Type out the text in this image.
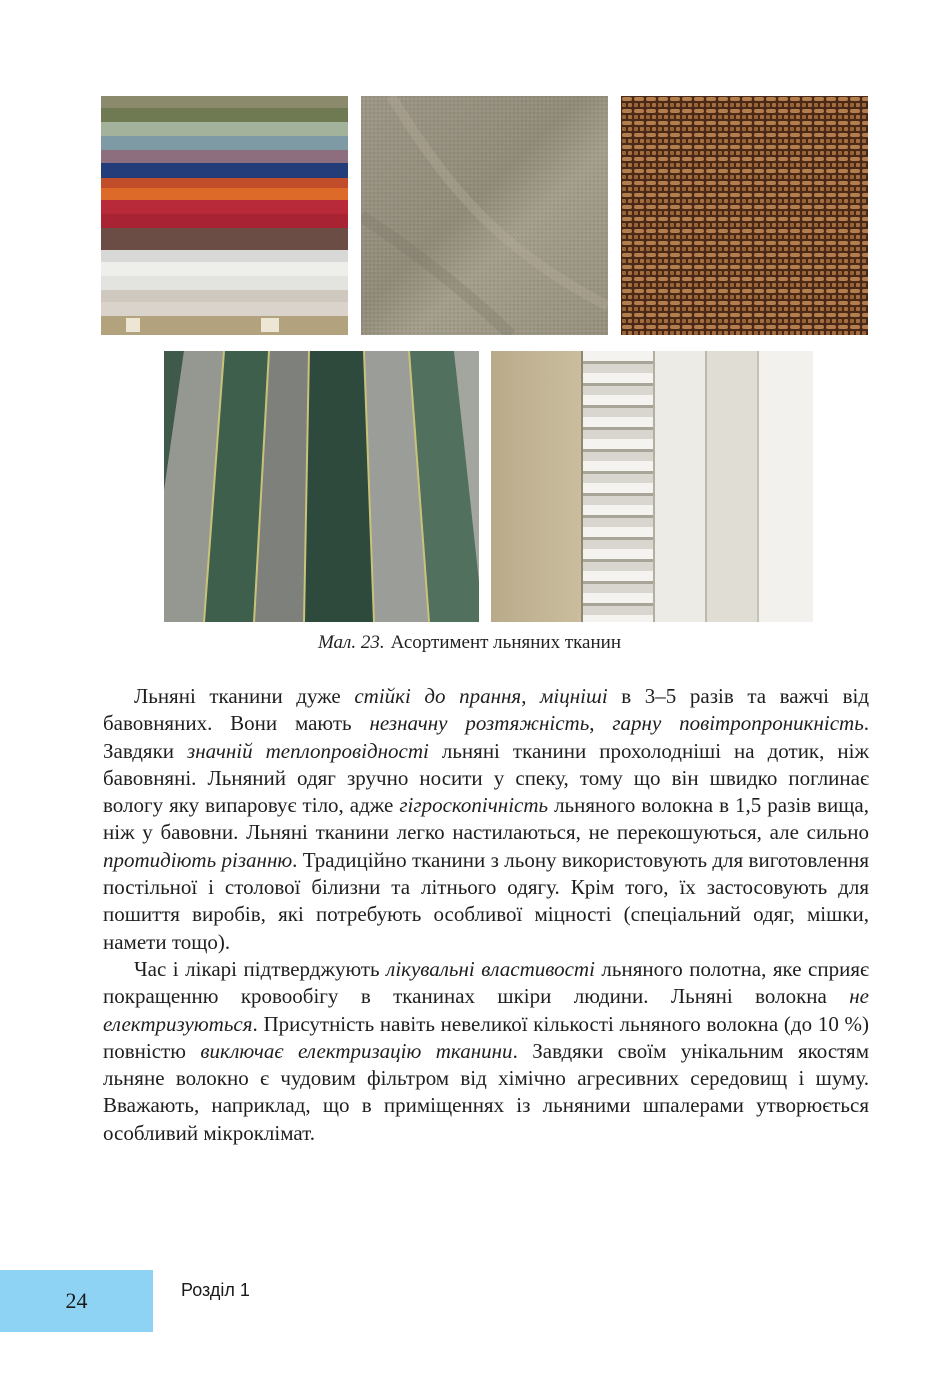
Мал. 23. Асортимент льняних тканин

Льняні тканини дуже стійкі до прання, міцніші в 3–5 разів та важчі від бавовняних. Вони мають незначну розтяжність, гарну повітропроникність. Завдяки значній теплопровідності льняні тканини прохолодніші на дотик, ніж бавовняні. Льняний одяг зручно носити у спеку, тому що він швидко поглинає вологу яку випаровує тіло, адже гігроскопічність льняного волокна в 1,5 разів вища, ніж у бавовни. Льняні тканини легко настилаються, не перекошуються, але сильно протидіють різанню. Традиційно тканини з льону використовують для виготовлення постільної і столової білизни та літнього одягу. Крім того, їх застосовують для пошиття виробів, які потребують особливої міцності (спеціальний одяг, мішки, намети тощо).

Час і лікарі підтверджують лікувальні властивості льняного полотна, яке сприяє покращенню кровообігу в тканинах шкіри людини. Льняні волокна не електризуються. Присутність навіть невеликої кількості льняного волокна (до 10 %) повністю виключає електризацію тканини. Завдяки своїм унікальним якостям льняне волокно є чудовим фільтром від хімічно агресивних середовищ і шуму. Вважають, наприклад, що в приміщеннях із льняними шпалерами утворюється особливий мікроклімат.

24	Розділ 1
